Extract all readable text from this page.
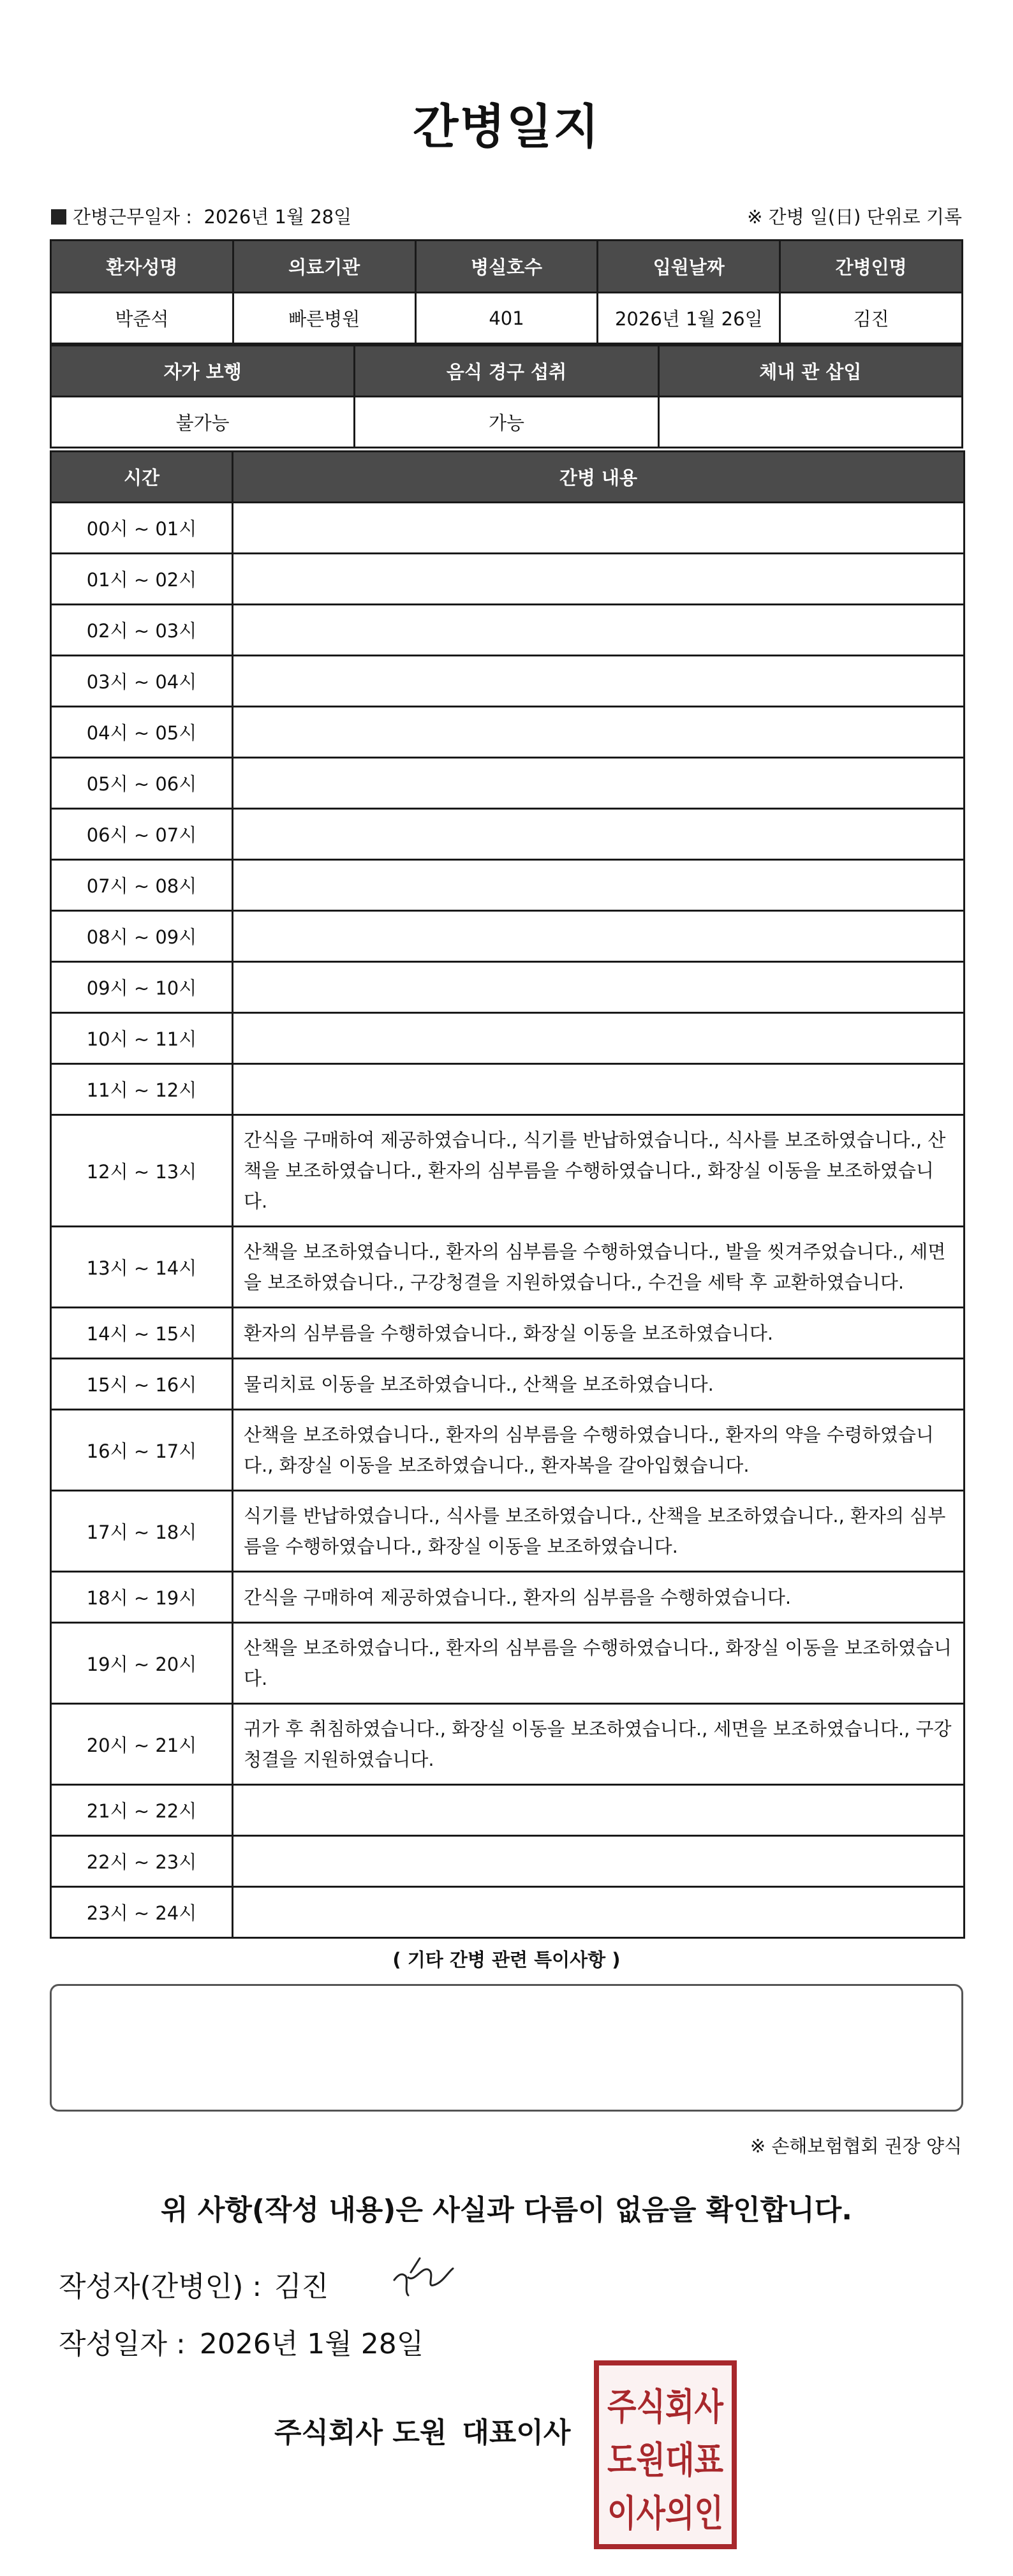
간병일지
간병근무일자 : 2026년 1월 28일	※ 간병 일(日) 단위로 기록
환자성명	의료기관	병실호수	입원날짜	간병인명
박준석	빠른병원	401	2026년 1월 26일	김진
자가 보행	음식 경구 섭취	체내 관 삽입
불가능	가능	
시간	간병 내용
00시 ~ 01시	
01시 ~ 02시	
02시 ~ 03시	
03시 ~ 04시	
04시 ~ 05시	
05시 ~ 06시	
06시 ~ 07시	
07시 ~ 08시	
08시 ~ 09시	
09시 ~ 10시	
10시 ~ 11시	
11시 ~ 12시	
12시 ~ 13시	간식을 구매하여 제공하였습니다., 식기를 반납하였습니다., 식사를 보조하였습니다., 산책을 보조하였습니다., 환자의 심부름을 수행하였습니다., 화장실 이동을 보조하였습니다.
13시 ~ 14시	산책을 보조하였습니다., 환자의 심부름을 수행하였습니다., 발을 씻겨주었습니다., 세면을 보조하였습니다., 구강청결을 지원하였습니다., 수건을 세탁 후 교환하였습니다.
14시 ~ 15시	환자의 심부름을 수행하였습니다., 화장실 이동을 보조하였습니다.
15시 ~ 16시	물리치료 이동을 보조하였습니다., 산책을 보조하였습니다.
16시 ~ 17시	산책을 보조하였습니다., 환자의 심부름을 수행하였습니다., 환자의 약을 수령하였습니다., 화장실 이동을 보조하였습니다., 환자복을 갈아입혔습니다.
17시 ~ 18시	식기를 반납하였습니다., 식사를 보조하였습니다., 산책을 보조하였습니다., 환자의 심부름을 수행하였습니다., 화장실 이동을 보조하였습니다.
18시 ~ 19시	간식을 구매하여 제공하였습니다., 환자의 심부름을 수행하였습니다.
19시 ~ 20시	산책을 보조하였습니다., 환자의 심부름을 수행하였습니다., 화장실 이동을 보조하였습니다.
20시 ~ 21시	귀가 후 취침하였습니다., 화장실 이동을 보조하였습니다., 세면을 보조하였습니다., 구강청결을 지원하였습니다.
21시 ~ 22시	
22시 ~ 23시	
23시 ~ 24시	
( 기타 간병 관련 특이사항 )
※ 손해보험협회 권장 양식
위 사항(작성 내용)은 사실과 다름이 없음을 확인합니다.
작성자(간병인) : 김진
작성일자 : 2026년 1월 28일
주식회사 도원 대표이사
주식회사
도원대표
이사의인
